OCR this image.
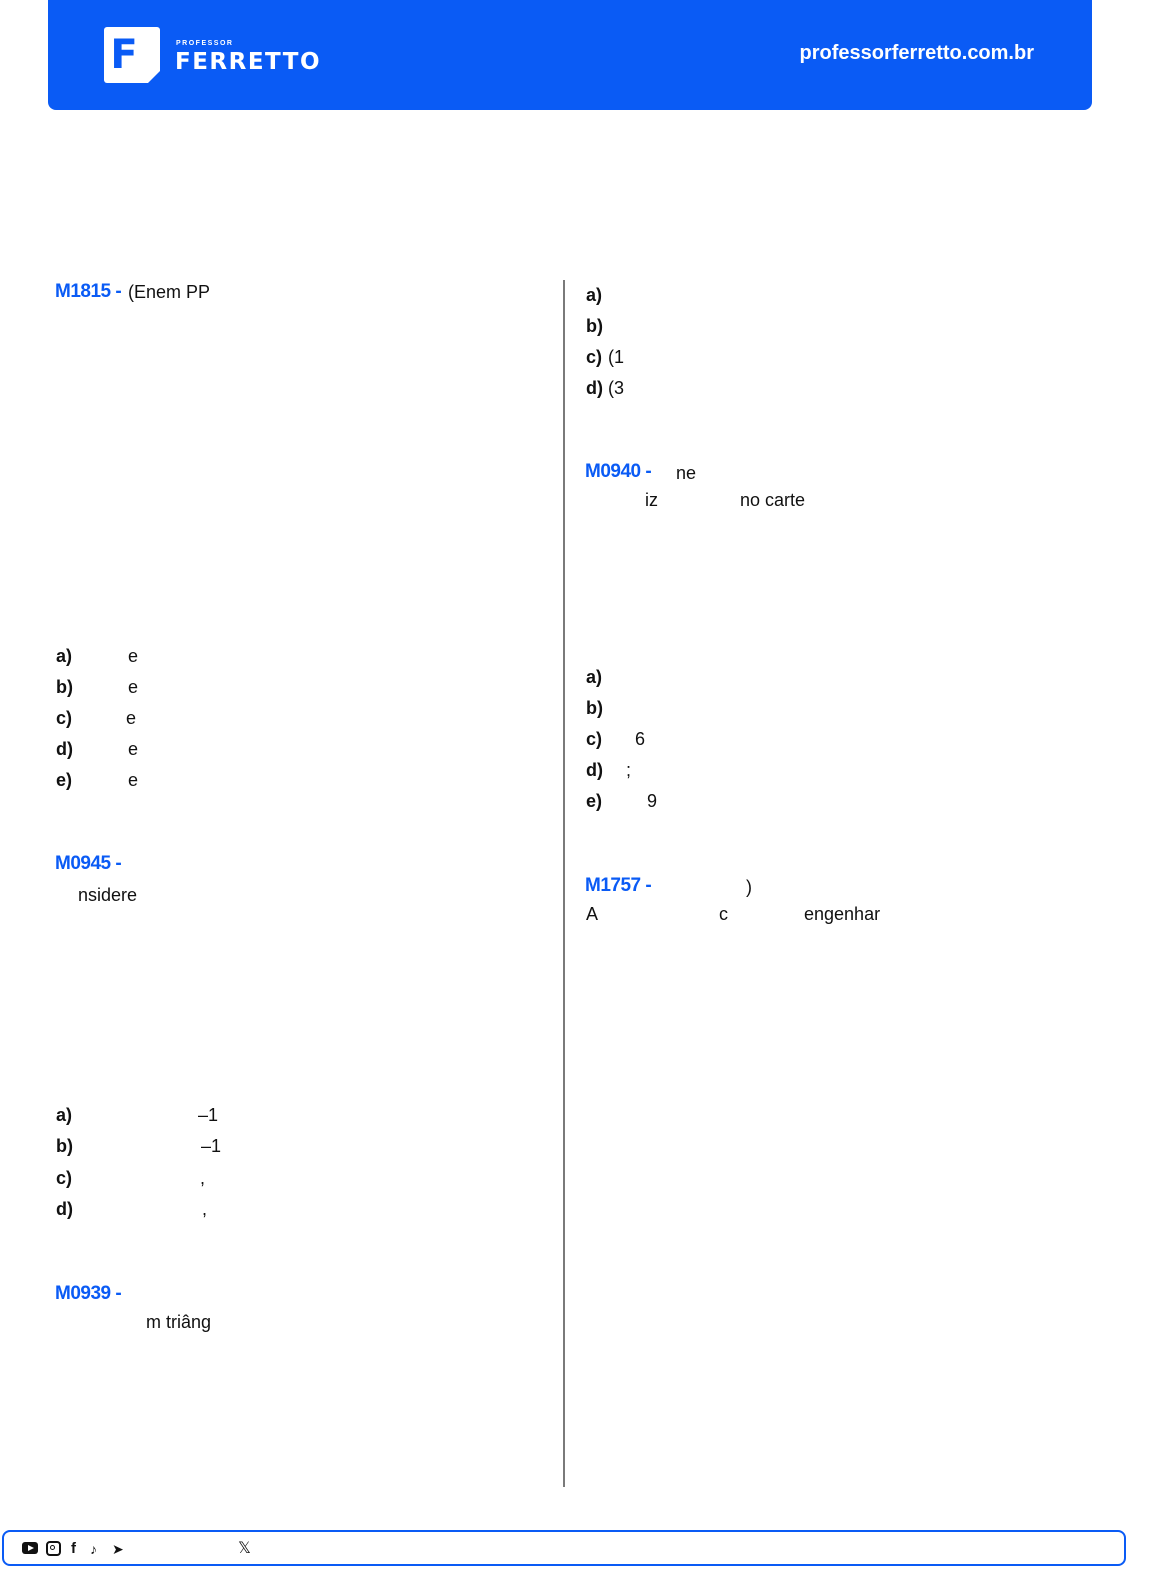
F	PROFESSOR
FERRETTO	professorferretto.com.br
M1815 - (Enem PP
a)	e
b)	e
c)	e
d)	e
e)	e
M0945 -
nsidere
a)	–1
b)	–1
c)	,
d)	,
M0939 -
m triâng
a)
b)
c) (1
d) (3
M0940 - ne
iz	no carte
a)
b)
c) 6
d) ;
e) 9
M1757 -	)
A	c	engenhar
f ♪ ➤	𝕏
